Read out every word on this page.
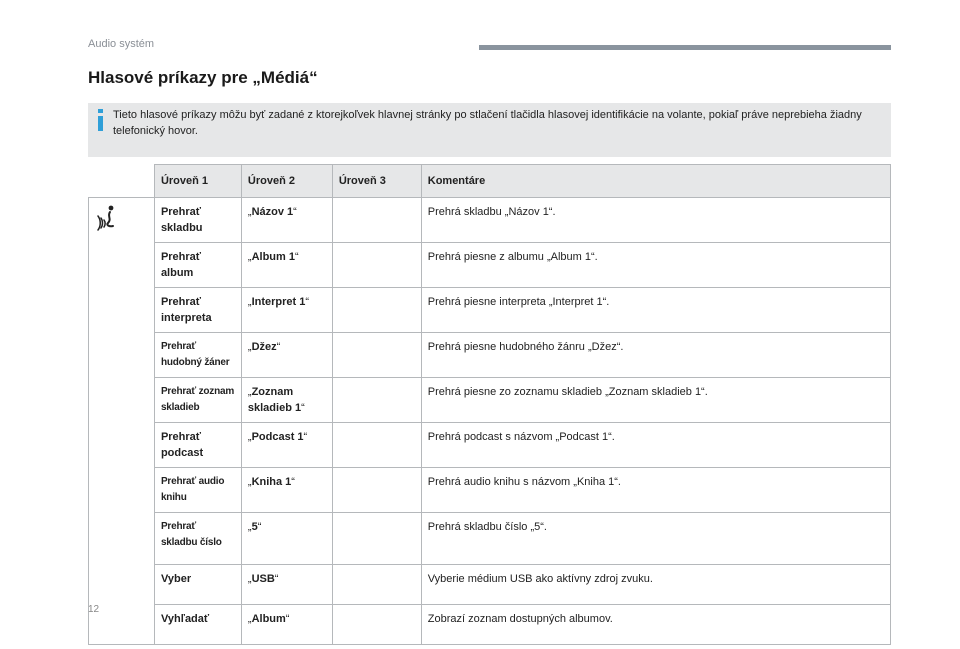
Audio systém
Hlasové príkazy pre „Médiá“
Tieto hlasové príkazy môžu byť zadané z ktorejkoľvek hlavnej stránky po stlačení tlačidla hlasovej identifikácie na volante, pokiaľ práve neprebieha žiadny telefonický hovor.
	Úroveň 1	Úroveň 2	Úroveň 3	Komentáre
	Prehrať skladbu	„Názov 1“		Prehrá skladbu „Názov 1“.
	Prehrať album	„Album 1“		Prehrá piesne z albumu „Album 1“.
	Prehrať interpreta	„Interpret 1“		Prehrá piesne interpreta „Interpret 1“.
	Prehrať hudobný žáner	„Džez“		Prehrá piesne hudobného žánru „Džez“.
	Prehrať zoznam skladieb	„Zoznam skladieb 1“		Prehrá piesne zo zoznamu skladieb „Zoznam skladieb 1“.
	Prehrať podcast	„Podcast 1“		Prehrá podcast s názvom „Podcast 1“.
	Prehrať audio knihu	„Kniha 1“		Prehrá audio knihu s názvom „Kniha 1“.
	Prehrať skladbu číslo	„5“		Prehrá skladbu číslo „5“.
	Vyber	„USB“		Vyberie médium USB ako aktívny zdroj zvuku.
	Vyhľadať	„Album“		Zobrazí zoznam dostupných albumov.
12
